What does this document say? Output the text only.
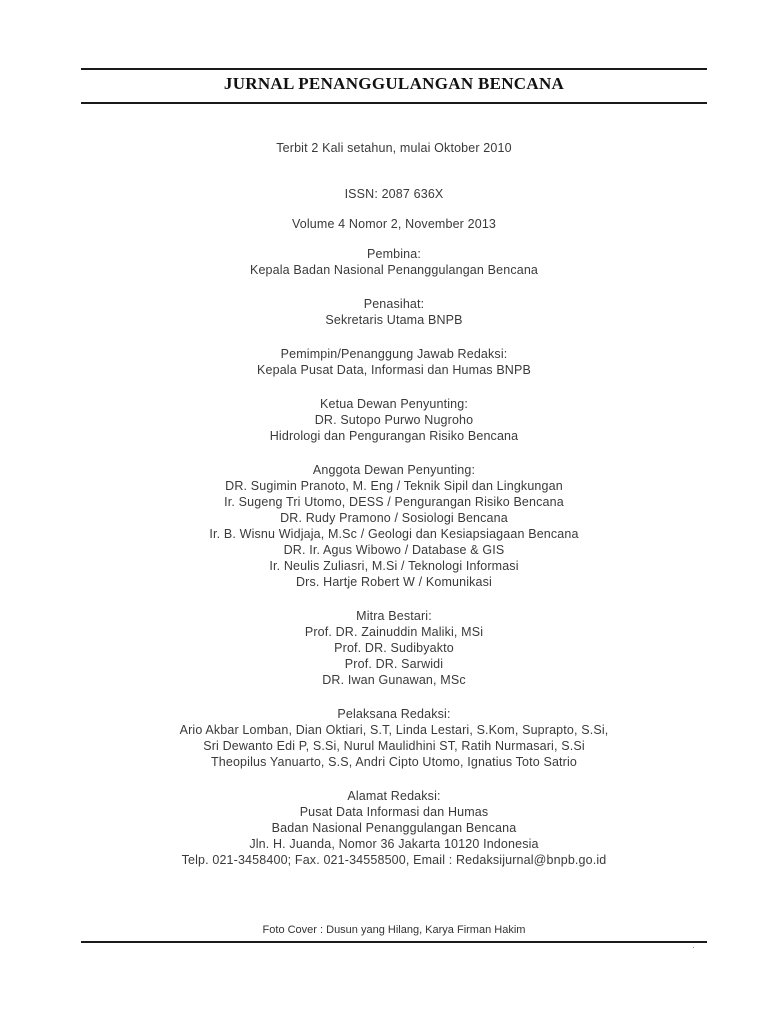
JURNAL PENANGGULANGAN BENCANA
Terbit 2 Kali setahun, mulai Oktober 2010
ISSN: 2087 636X
Volume 4 Nomor 2, November 2013
Pembina:
Kepala Badan Nasional Penanggulangan Bencana
Penasihat:
Sekretaris Utama BNPB
Pemimpin/Penanggung Jawab Redaksi:
Kepala Pusat Data, Informasi dan Humas BNPB
Ketua Dewan Penyunting:
DR. Sutopo Purwo Nugroho
Hidrologi dan Pengurangan Risiko Bencana
Anggota Dewan Penyunting:
DR. Sugimin Pranoto, M. Eng / Teknik Sipil dan Lingkungan
Ir. Sugeng Tri Utomo, DESS / Pengurangan Risiko Bencana
DR. Rudy Pramono / Sosiologi Bencana
Ir. B. Wisnu Widjaja, M.Sc / Geologi dan Kesiapsiagaan Bencana
DR. Ir. Agus Wibowo / Database & GIS
Ir. Neulis Zuliasri, M.Si / Teknologi Informasi
Drs. Hartje Robert W / Komunikasi
Mitra Bestari:
Prof. DR. Zainuddin Maliki, MSi
Prof. DR. Sudibyakto
Prof. DR. Sarwidi
DR. Iwan Gunawan, MSc
Pelaksana Redaksi:
Ario Akbar Lomban, Dian Oktiari, S.T, Linda Lestari, S.Kom, Suprapto, S.Si,
Sri Dewanto Edi P, S.Si, Nurul Maulidhini ST, Ratih Nurmasari, S.Si
Theopilus Yanuarto, S.S, Andri Cipto Utomo, Ignatius Toto Satrio
Alamat Redaksi:
Pusat Data Informasi dan Humas
Badan Nasional Penanggulangan Bencana
Jln. H. Juanda, Nomor 36 Jakarta 10120 Indonesia
Telp. 021-3458400; Fax. 021-34558500, Email : Redaksijurnal@bnpb.go.id
Foto Cover : Dusun yang Hilang, Karya Firman Hakim
